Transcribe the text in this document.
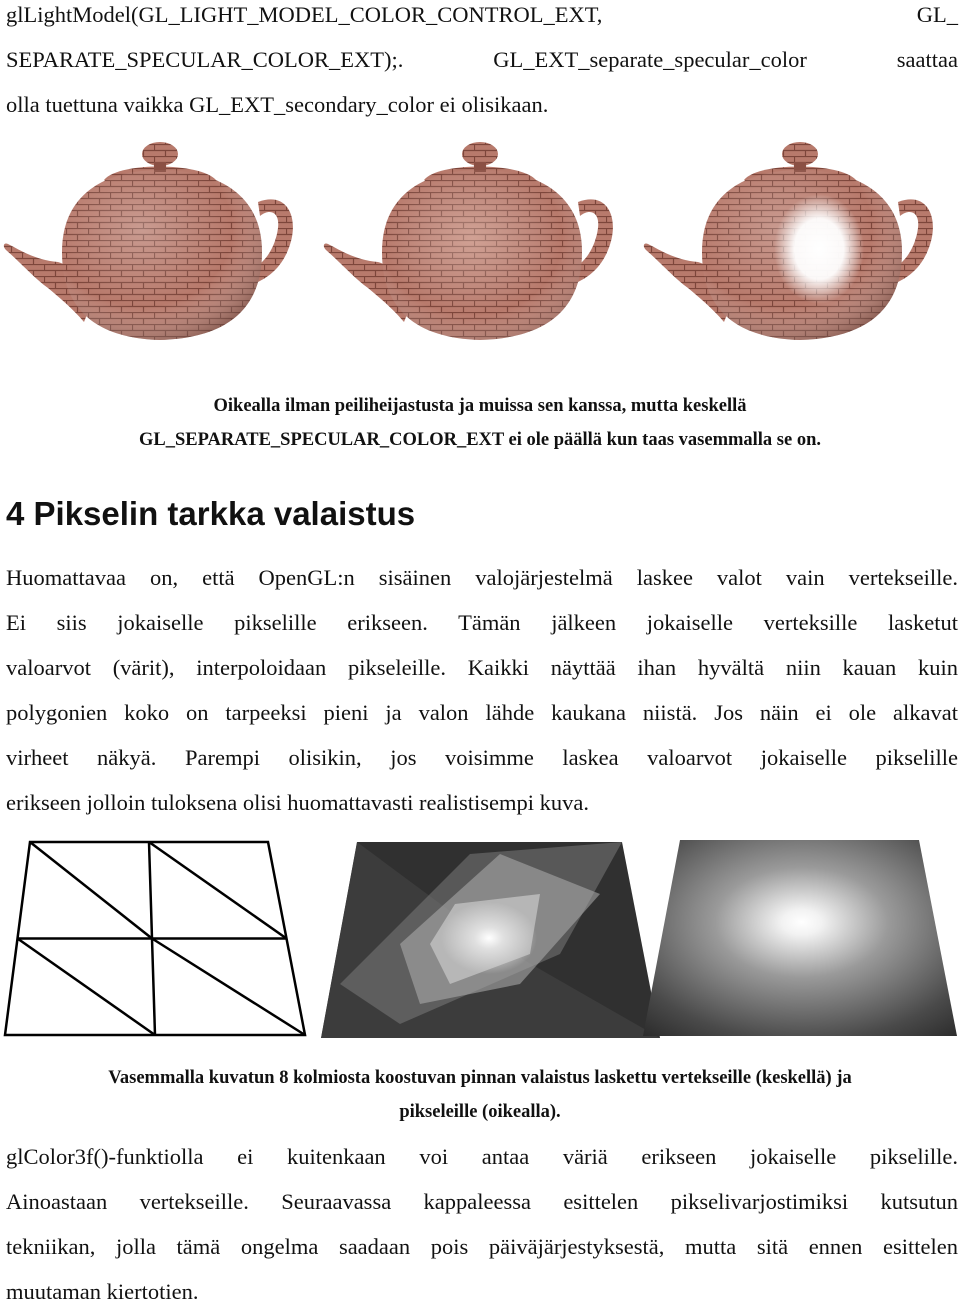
glLightModel(GL_LIGHT_MODEL_COLOR_CONTROL_EXT, GL_
SEPARATE_SPECULAR_COLOR_EXT);. GL_EXT_separate_specular_color saattaa
olla tuettuna vaikka GL_EXT_secondary_color ei olisikaan.
Oikealla ilman peiliheijastusta ja muissa sen kanssa, mutta keskellä
GL_SEPARATE_SPECULAR_COLOR_EXT ei ole päällä kun taas vasemmalla se on.
4 Pikselin tarkka valaistus
Huomattavaa on, että OpenGL:n sisäinen valojärjestelmä laskee valot vain vertekseille.
Ei siis jokaiselle pikselille erikseen. Tämän jälkeen jokaiselle verteksille lasketut
valoarvot (värit), interpoloidaan pikseleille. Kaikki näyttää ihan hyvältä niin kauan kuin
polygonien koko on tarpeeksi pieni ja valon lähde kaukana niistä. Jos näin ei ole alkavat
virheet näkyä. Parempi olisikin, jos voisimme laskea valoarvot jokaiselle pikselille
erikseen jolloin tuloksena olisi huomattavasti realistisempi kuva.
Vasemmalla kuvatun 8 kolmiosta koostuvan pinnan valaistus laskettu vertekseille (keskellä) ja
pikseleille (oikealla).
glColor3f()-funktiolla ei kuitenkaan voi antaa väriä erikseen jokaiselle pikselille.
Ainoastaan vertekseille. Seuraavassa kappaleessa esittelen pikselivarjostimiksi kutsutun
tekniikan, jolla tämä ongelma saadaan pois päiväjärjestyksestä, mutta sitä ennen esittelen
muutaman kiertotien.
